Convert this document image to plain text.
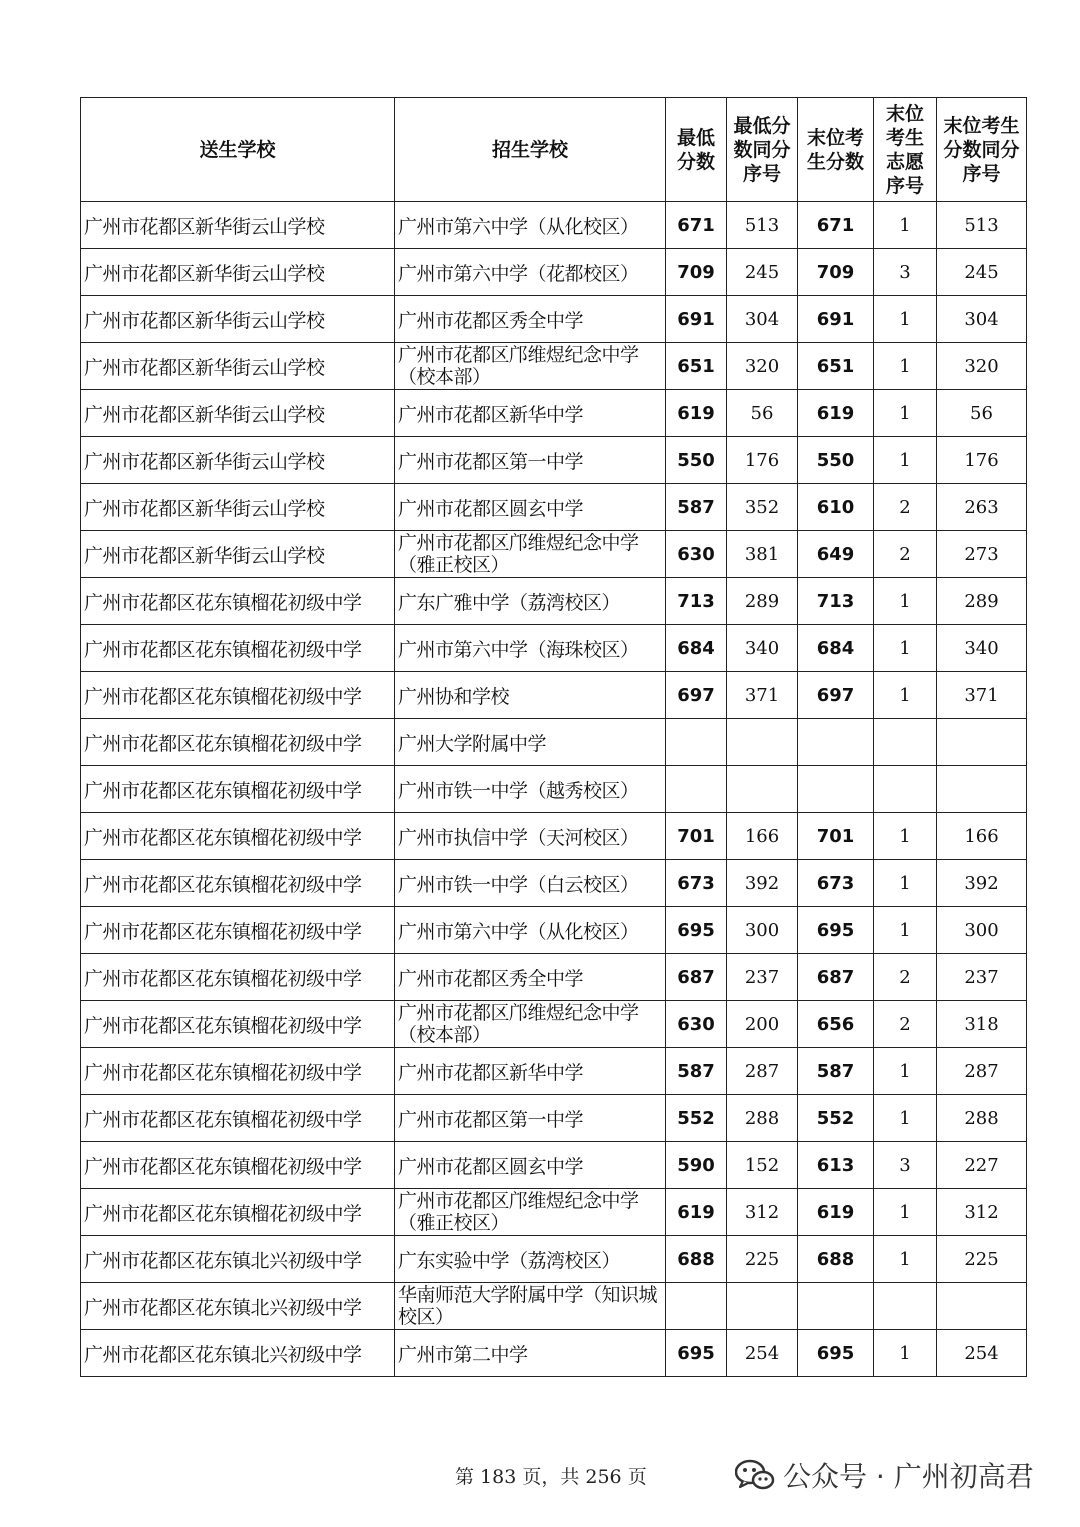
送生学校	招生学校	最低分数	最低分数同分序号	末位考生分数	末位考生志愿序号	末位考生分数同分序号
广州市花都区新华街云山学校	广州市第六中学（从化校区）	671	513	671	1	513
广州市花都区新华街云山学校	广州市第六中学（花都校区）	709	245	709	3	245
广州市花都区新华街云山学校	广州市花都区秀全中学	691	304	691	1	304
广州市花都区新华街云山学校	广州市花都区邝维煜纪念中学（校本部）	651	320	651	1	320
广州市花都区新华街云山学校	广州市花都区新华中学	619	56	619	1	56
广州市花都区新华街云山学校	广州市花都区第一中学	550	176	550	1	176
广州市花都区新华街云山学校	广州市花都区圆玄中学	587	352	610	2	263
广州市花都区新华街云山学校	广州市花都区邝维煜纪念中学（雅正校区）	630	381	649	2	273
广州市花都区花东镇榴花初级中学	广东广雅中学（荔湾校区）	713	289	713	1	289
广州市花都区花东镇榴花初级中学	广州市第六中学（海珠校区）	684	340	684	1	340
广州市花都区花东镇榴花初级中学	广州协和学校	697	371	697	1	371
广州市花都区花东镇榴花初级中学	广州大学附属中学					
广州市花都区花东镇榴花初级中学	广州市铁一中学（越秀校区）					
广州市花都区花东镇榴花初级中学	广州市执信中学（天河校区）	701	166	701	1	166
广州市花都区花东镇榴花初级中学	广州市铁一中学（白云校区）	673	392	673	1	392
广州市花都区花东镇榴花初级中学	广州市第六中学（从化校区）	695	300	695	1	300
广州市花都区花东镇榴花初级中学	广州市花都区秀全中学	687	237	687	2	237
广州市花都区花东镇榴花初级中学	广州市花都区邝维煜纪念中学（校本部）	630	200	656	2	318
广州市花都区花东镇榴花初级中学	广州市花都区新华中学	587	287	587	1	287
广州市花都区花东镇榴花初级中学	广州市花都区第一中学	552	288	552	1	288
广州市花都区花东镇榴花初级中学	广州市花都区圆玄中学	590	152	613	3	227
广州市花都区花东镇榴花初级中学	广州市花都区邝维煜纪念中学（雅正校区）	619	312	619	1	312
广州市花都区花东镇北兴初级中学	广东实验中学（荔湾校区）	688	225	688	1	225
广州市花都区花东镇北兴初级中学	华南师范大学附属中学（知识城校区）					
广州市花都区花东镇北兴初级中学	广州市第二中学	695	254	695	1	254
第 183 页，共 256 页	公众号 · 广州初高君
